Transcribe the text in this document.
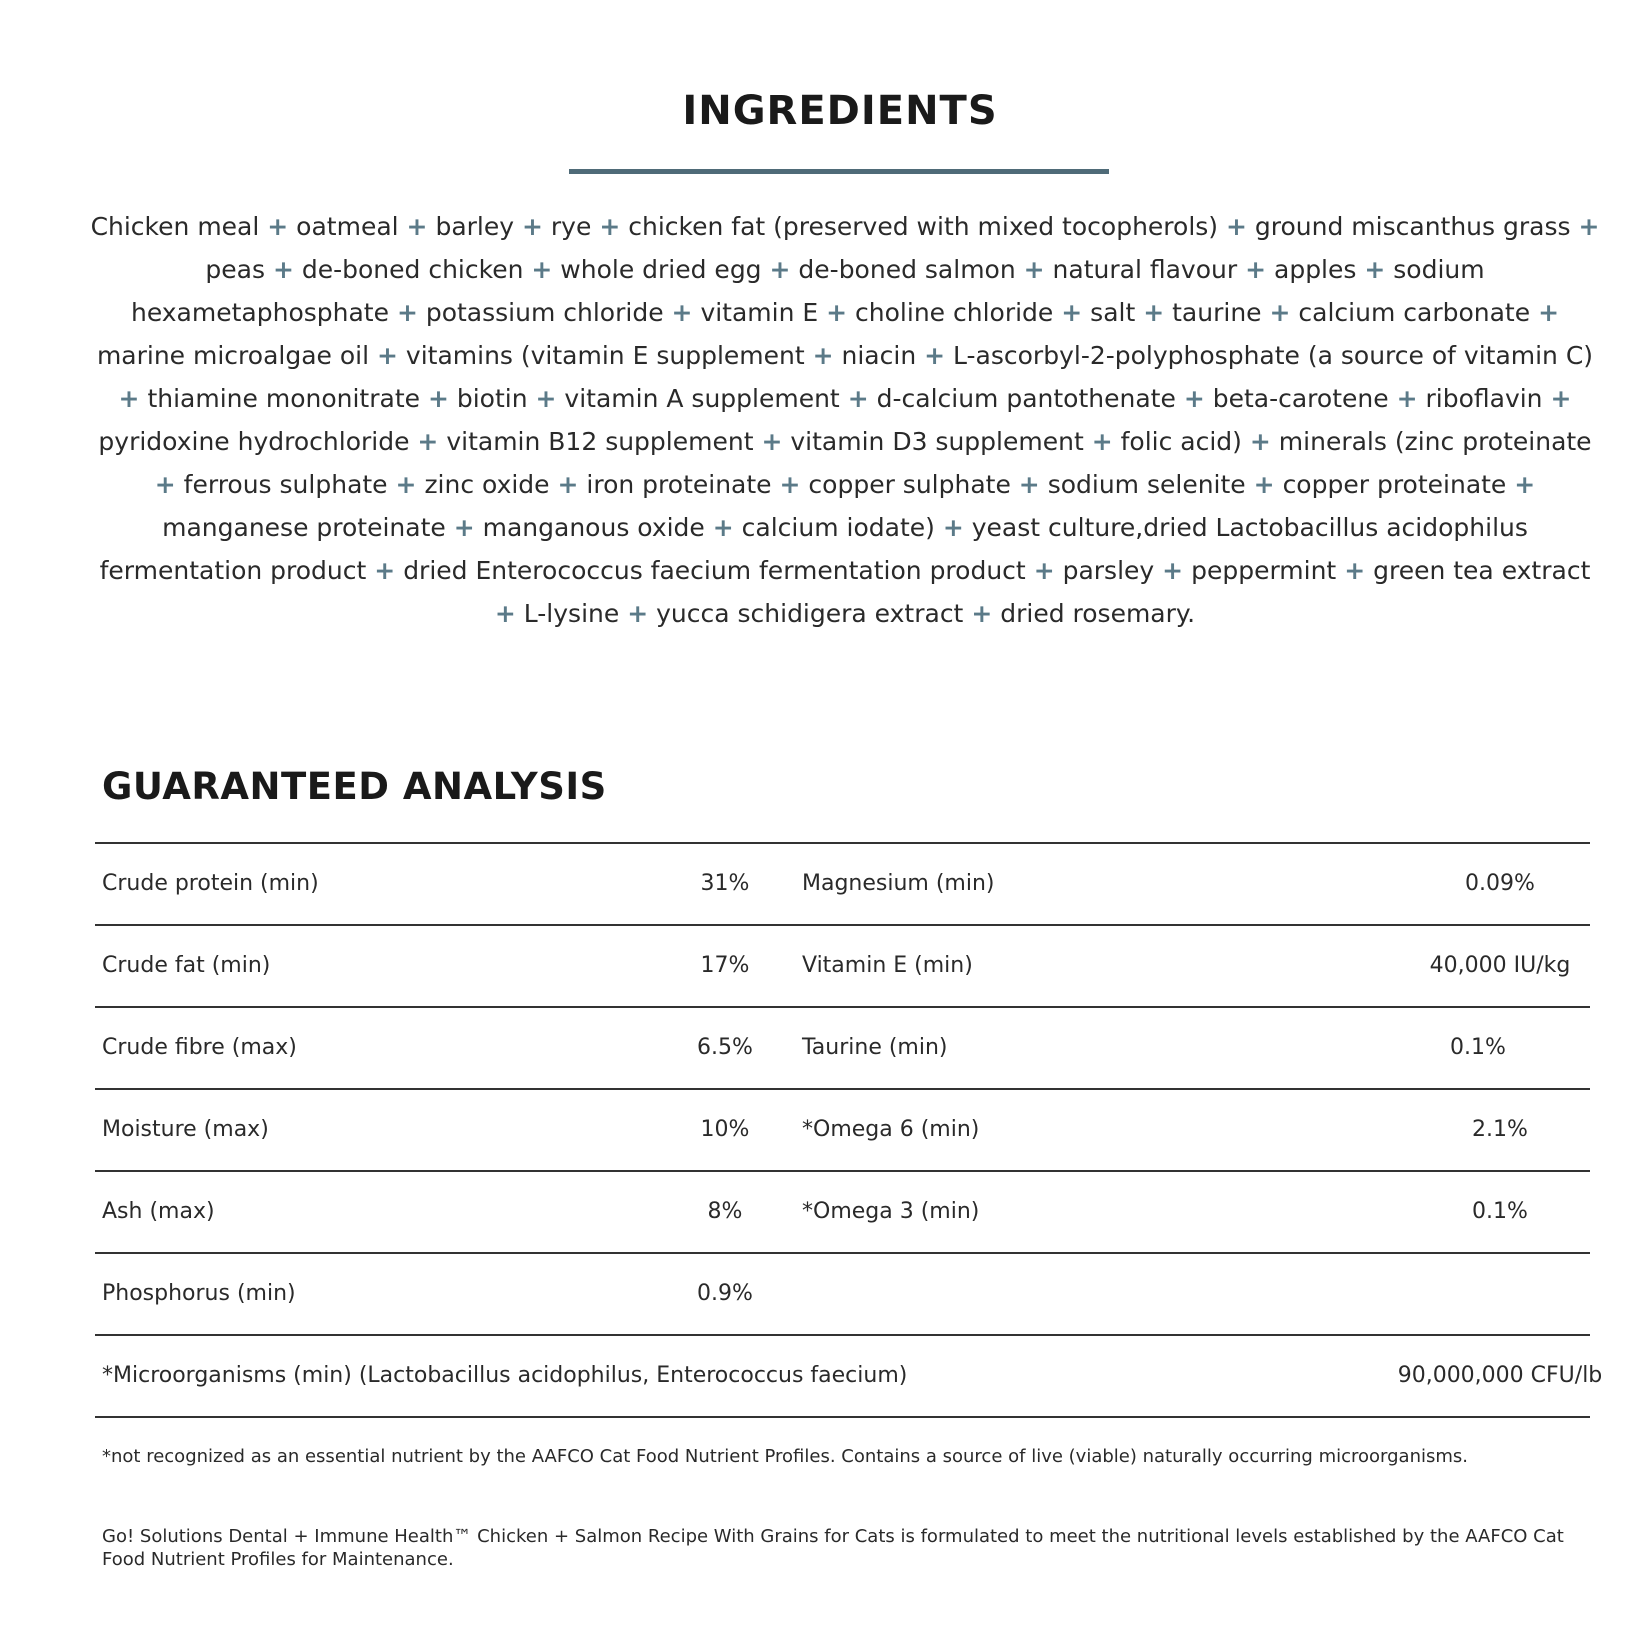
INGREDIENTS

Chicken meal + oatmeal + barley + rye + chicken fat (preserved with mixed tocopherols) + ground miscanthus grass + peas + de-boned chicken + whole dried egg + de-boned salmon + natural flavour + apples + sodium hexametaphosphate + potassium chloride + vitamin E + choline chloride + salt + taurine + calcium carbonate + marine microalgae oil + vitamins (vitamin E supplement + niacin + L-ascorbyl-2-polyphosphate (a source of vitamin C) + thiamine mononitrate + biotin + vitamin A supplement + d-calcium pantothenate + beta-carotene + riboflavin + pyridoxine hydrochloride + vitamin B12 supplement + vitamin D3 supplement + folic acid) + minerals (zinc proteinate + ferrous sulphate + zinc oxide + iron proteinate + copper sulphate + sodium selenite + copper proteinate + manganese proteinate + manganous oxide + calcium iodate) + yeast culture,dried Lactobacillus acidophilus fermentation product + dried Enterococcus faecium fermentation product + parsley + peppermint + green tea extract + L-lysine + yucca schidigera extract + dried rosemary.

GUARANTEED ANALYSIS
Crude protein (min)	31%	Magnesium (min)	0.09%
Crude fat (min)	17%	Vitamin E (min)	40,000 IU/kg
Crude fibre (max)	6.5%	Taurine (min)	0.1%
Moisture (max)	10%	*Omega 6 (min)	2.1%
Ash (max)	8%	*Omega 3 (min)	0.1%
Phosphorus (min)	0.9%
*Microorganisms (min) (Lactobacillus acidophilus, Enterococcus faecium)	90,000,000 CFU/lb

*not recognized as an essential nutrient by the AAFCO Cat Food Nutrient Profiles. Contains a source of live (viable) naturally occurring microorganisms.

Go! Solutions Dental + Immune Health™ Chicken + Salmon Recipe With Grains for Cats is formulated to meet the nutritional levels established by the AAFCO Cat Food Nutrient Profiles for Maintenance.
